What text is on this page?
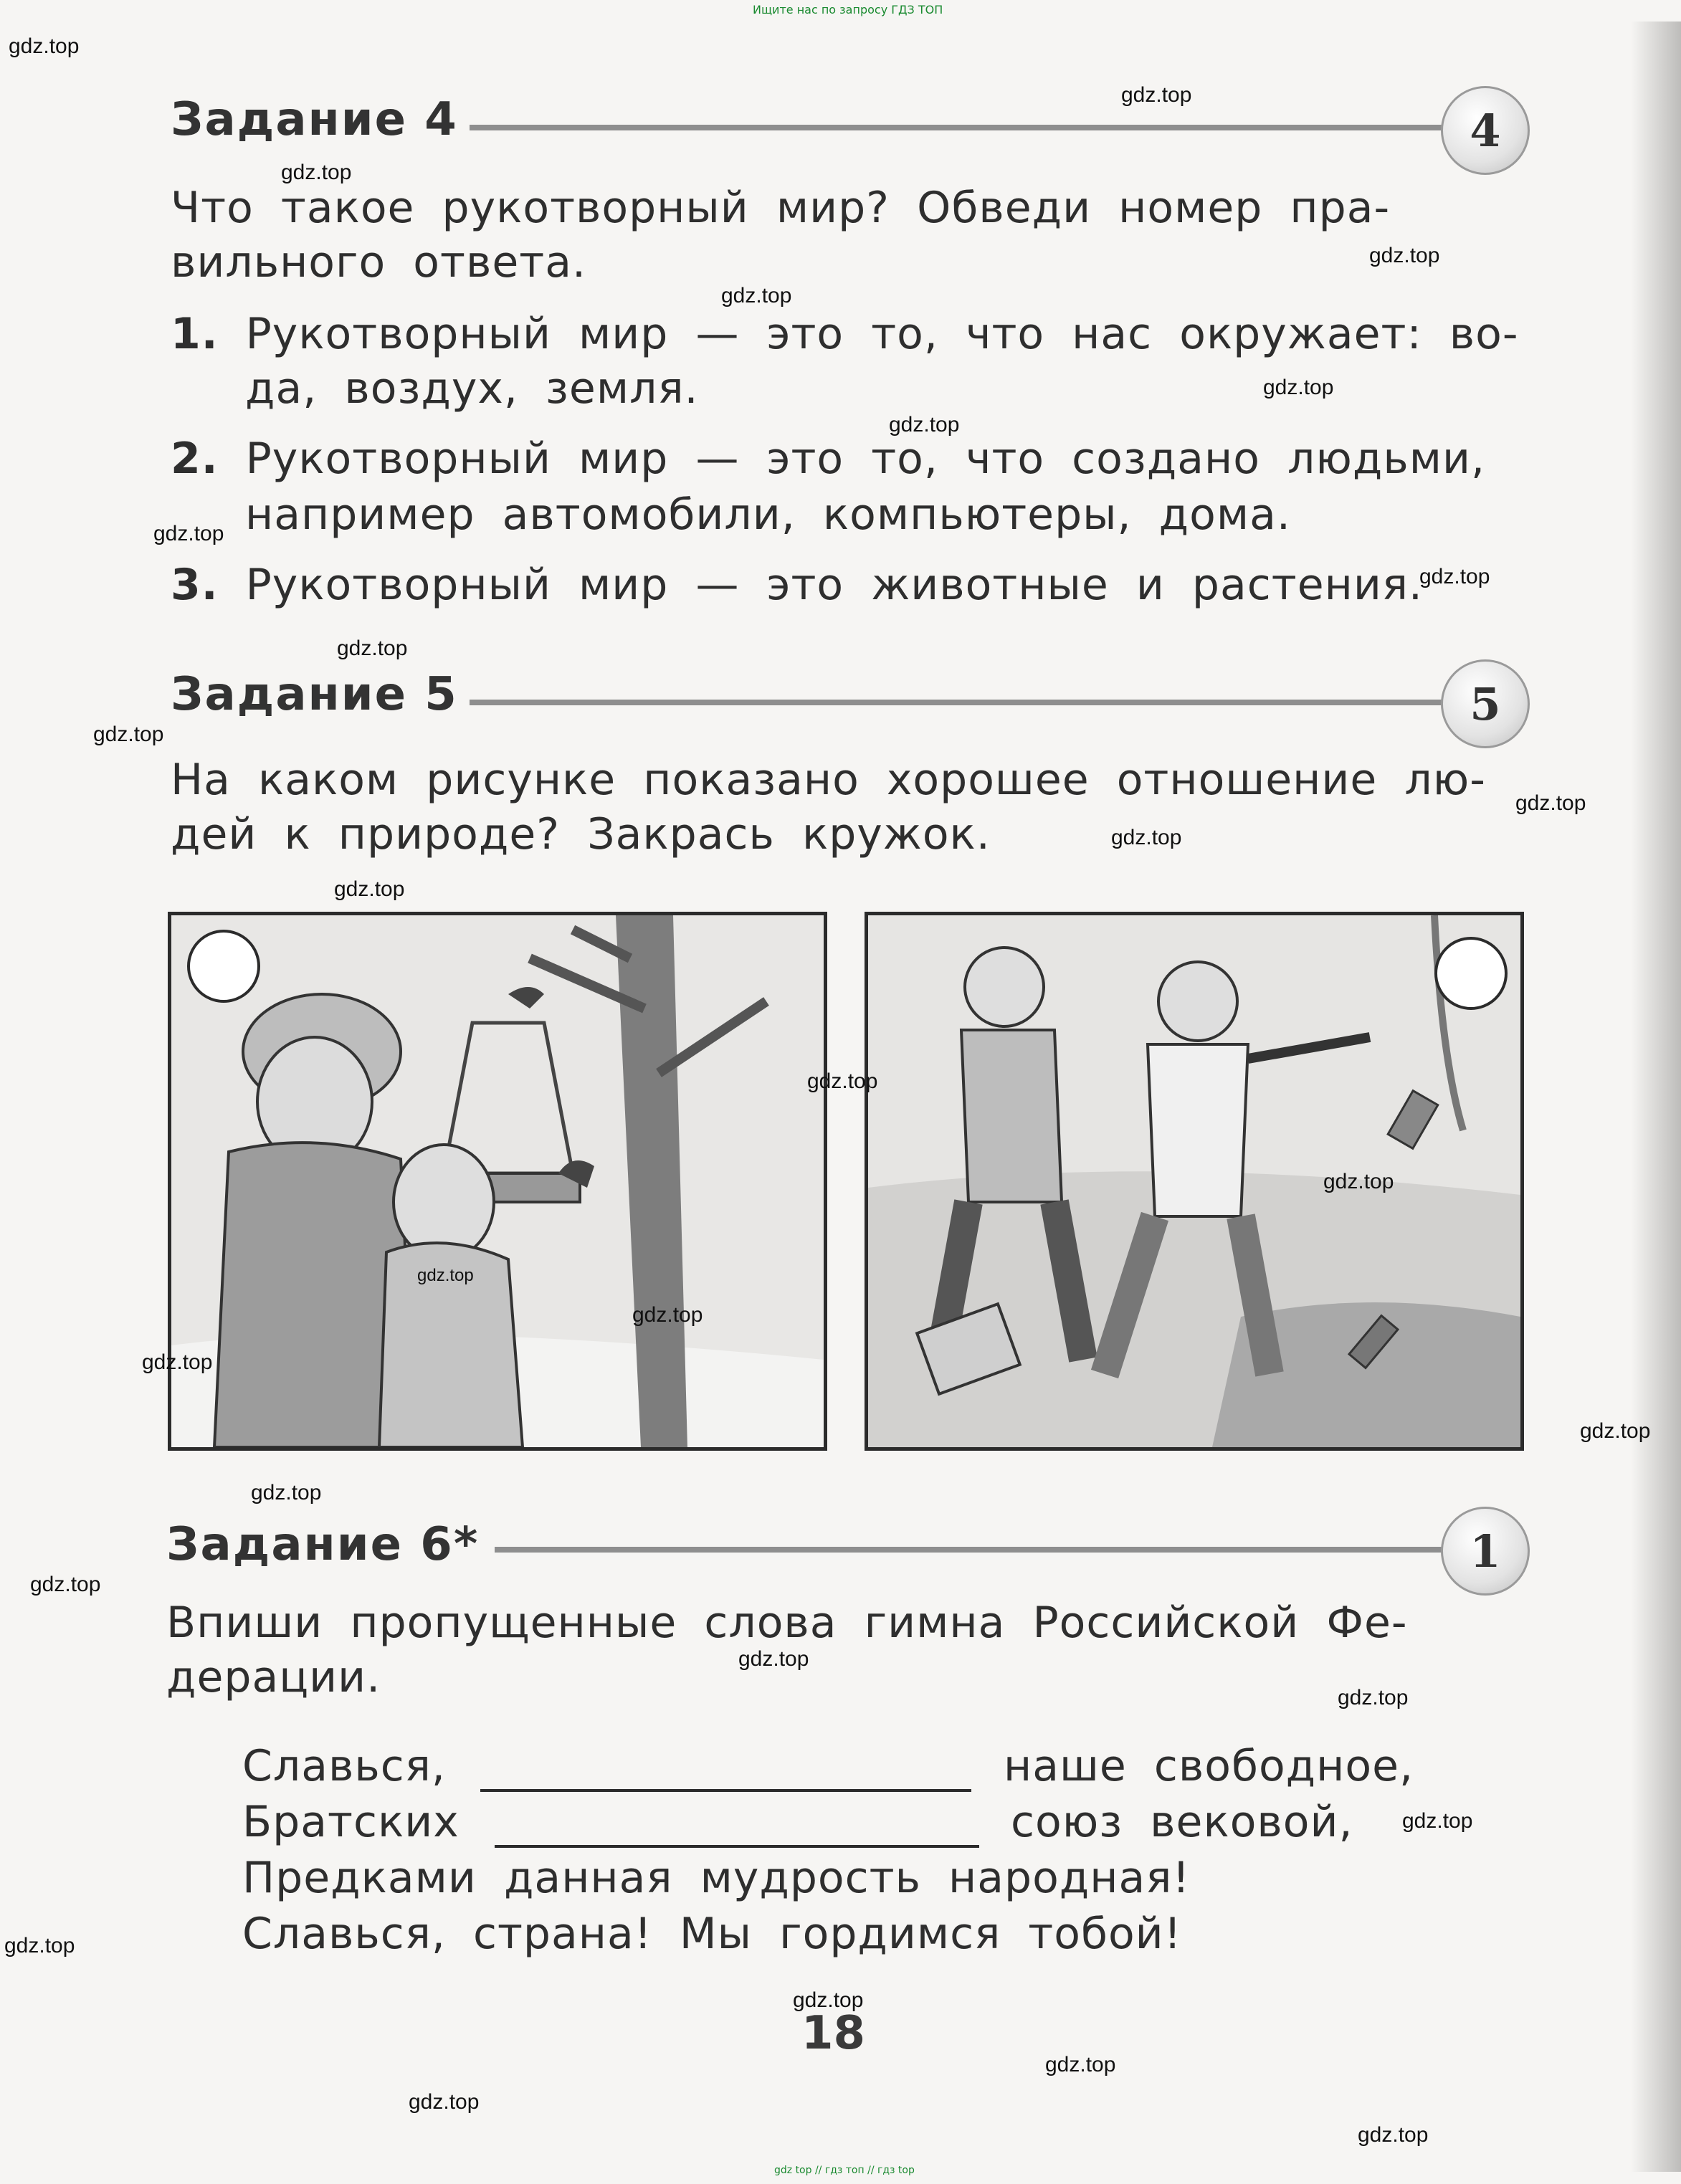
Ищите нас по запросу ГДЗ ТОП
Задание 4	4
Что такое рукотворный мир? Обведи номер пра-
вильного ответа.
1. Рукотворный мир — это то, что нас окружает: во-
да, воздух, земля.
2. Рукотворный мир — это то, что создано людьми,
например автомобили, компьютеры, дома.
3. Рукотворный мир — это животные и растения.
Задание 5	5
На каком рисунке показано хорошее отношение лю-
дей к природе? Закрась кружок.
Задание 6*	1
Впиши пропущенные слова гимна Российской Фе-
дерации.
Славься,	наше свободное,
Братских	союз вековой,
Предками данная мудрость народная!
Славься, страна! Мы гордимся тобой!
18
gdz.top
gdz.top
gdz.top
gdz.top
gdz.top
gdz.top
gdz.top
gdz.top
gdz.top
gdz.top
gdz.top
gdz.top
gdz.top
gdz.top
gdz.top
gdz.top
gdz.top
gdz.top
gdz.top
gdz.top
gdz.top
gdz.top
gdz.top
gdz.top
gdz.top
gdz.top
gdz.top
gdz.top
gdz.top
gdz.top
gdz top // гдз топ // гдз top
